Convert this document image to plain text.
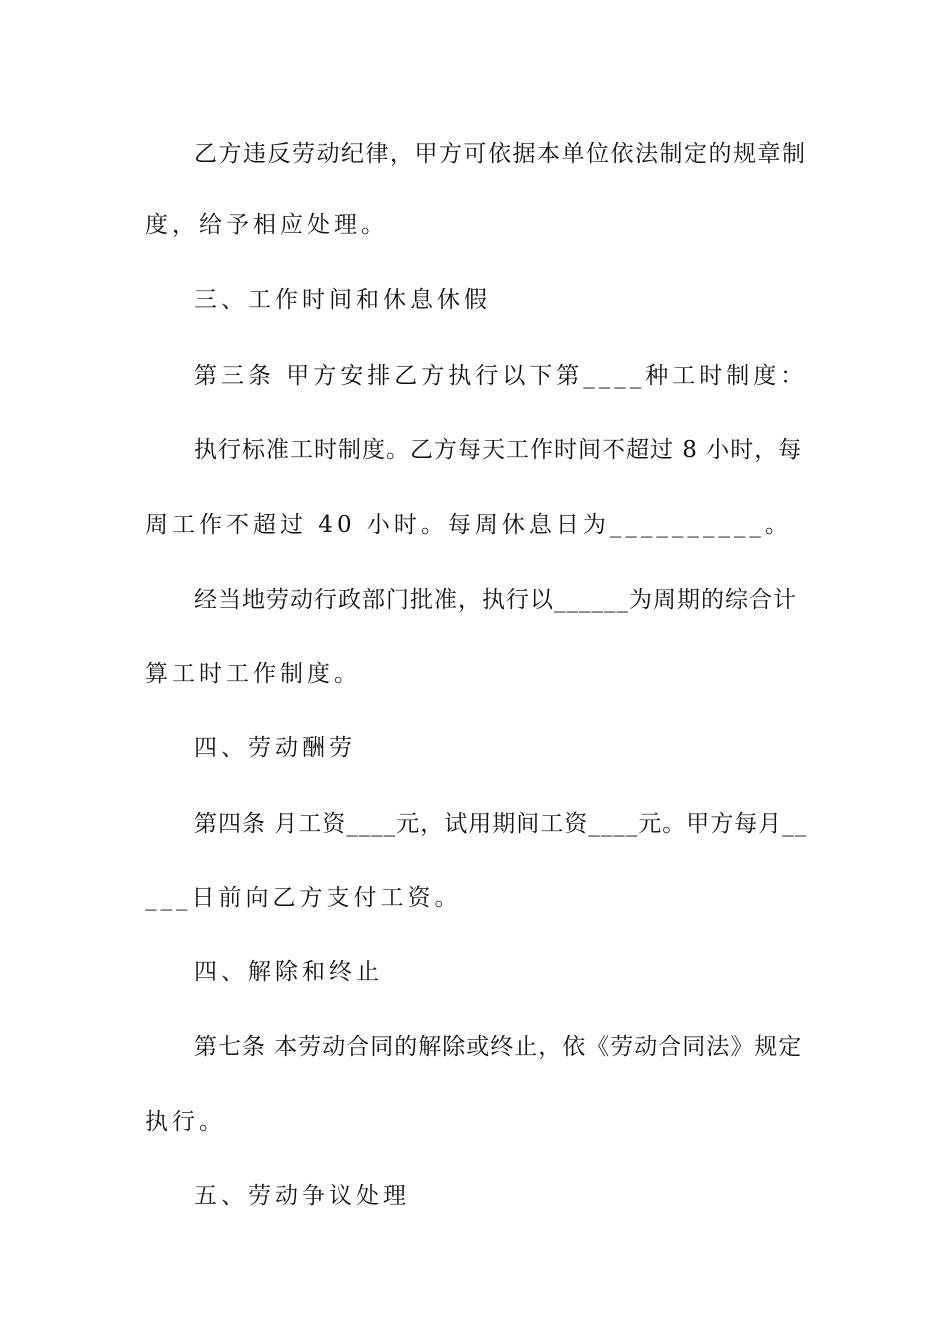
乙方违反劳动纪律，甲方可依据本单位依法制定的规章制
度，给予相应处理。
三、工作时间和休息休假
第三条 甲方安排乙方执行以下第____种工时制度：
执行标准工时制度。乙方每天工作时间不超过 8 小时，每
周工作不超过 40 小时。每周休息日为__________。
经当地劳动行政部门批准，执行以______为周期的综合计
算工时工作制度。
四、劳动酬劳
第四条 月工资____元，试用期间工资____元。甲方每月__
___日前向乙方支付工资。
四、解除和终止
第七条 本劳动合同的解除或终止，依《劳动合同法》规定
执行。
五、劳动争议处理
